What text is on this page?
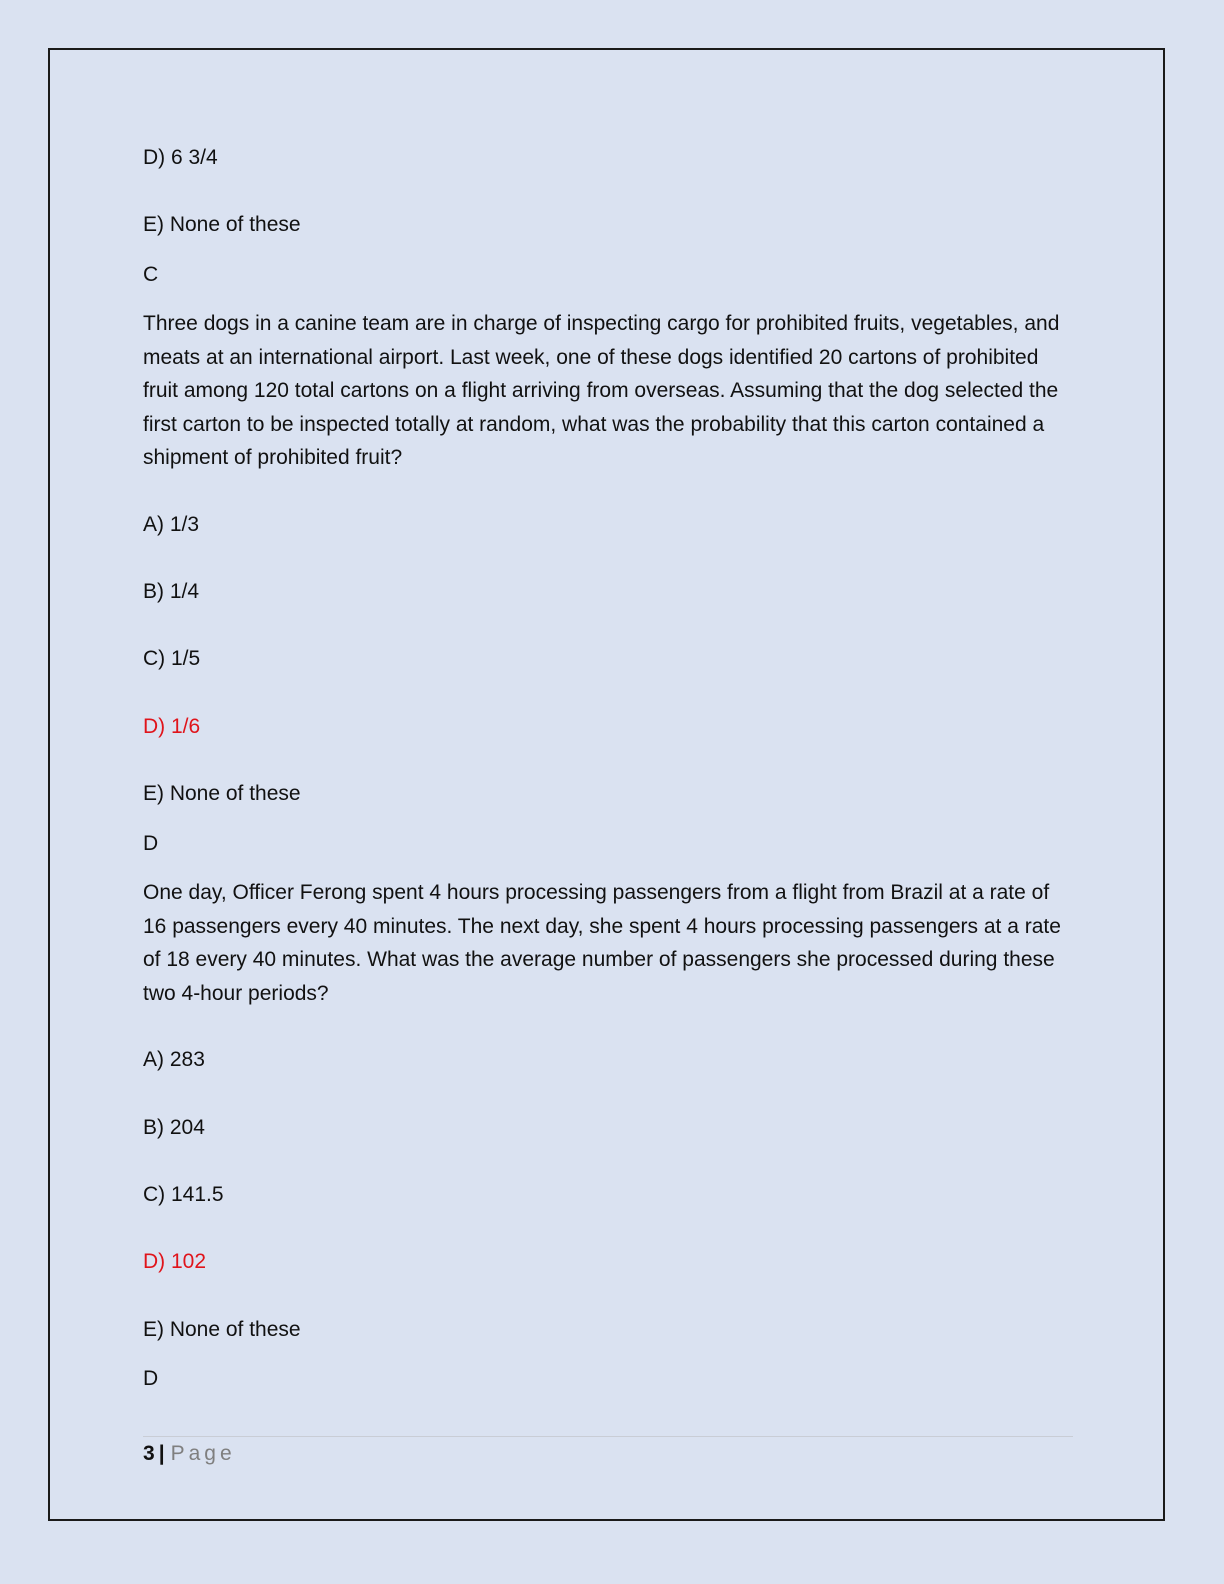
D) 6 3/4
E) None of these
C
Three dogs in a canine team are in charge of inspecting cargo for prohibited fruits, vegetables, and meats at an international airport. Last week, one of these dogs identified 20 cartons of prohibited fruit among 120 total cartons on a flight arriving from overseas. Assuming that the dog selected the first carton to be inspected totally at random, what was the probability that this carton contained a shipment of prohibited fruit?
A) 1/3
B) 1/4
C) 1/5
D) 1/6
E) None of these
D
One day, Officer Ferong spent 4 hours processing passengers from a flight from Brazil at a rate of 16 passengers every 40 minutes. The next day, she spent 4 hours processing passengers at a rate of 18 every 40 minutes. What was the average number of passengers she processed during these two 4-hour periods?
A) 283
B) 204
C) 141.5
D) 102
E) None of these
D
3 | Page
